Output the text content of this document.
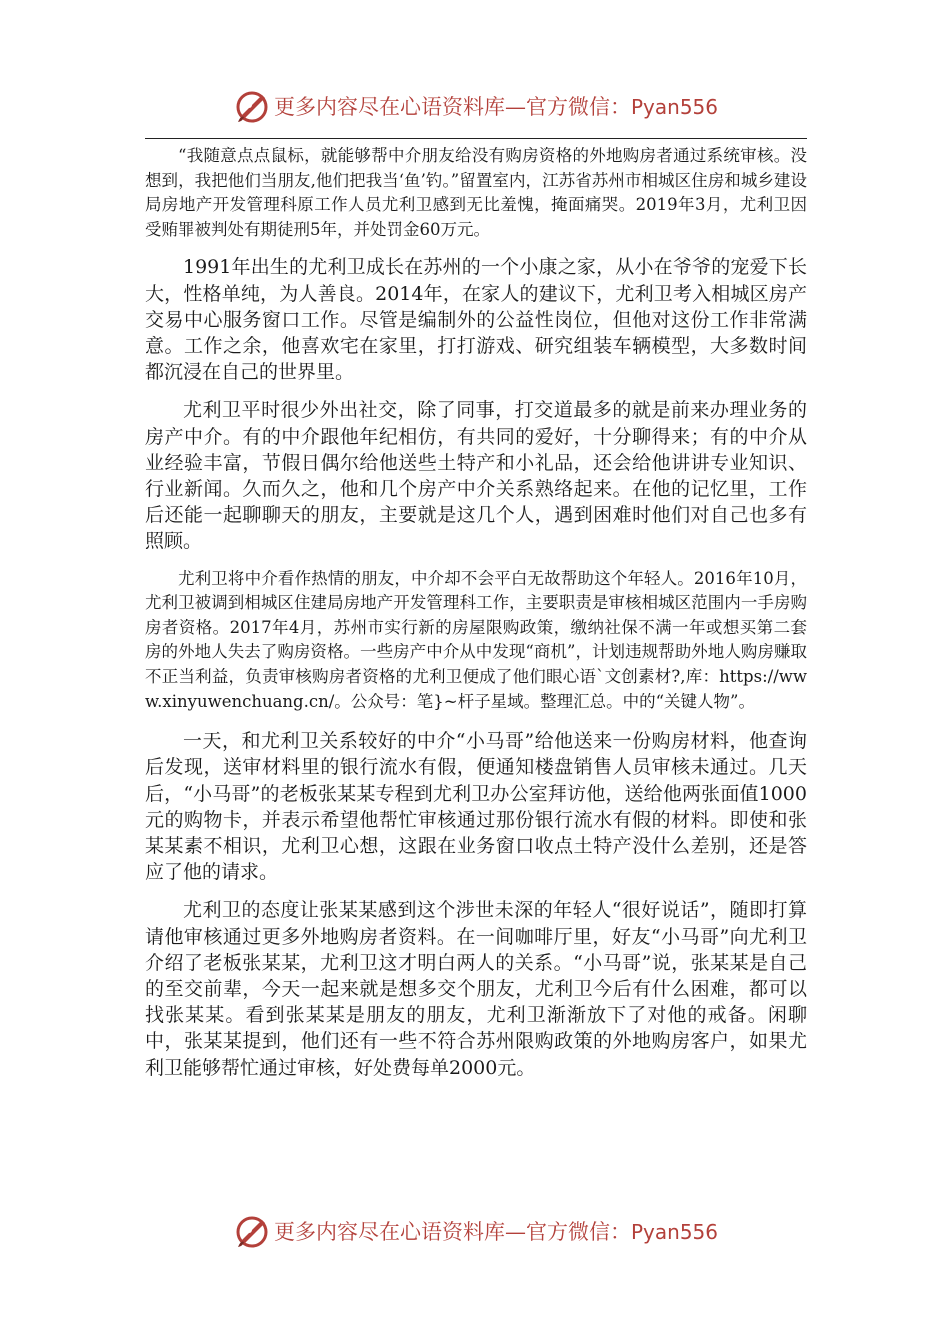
更多内容尽在心语资料库—官方微信：Pyan556

“我随意点点鼠标，就能够帮中介朋友给没有购房资格的外地购房者通过系统审核。没想到，我把他们当朋友,他们把我当‘鱼’钓。”留置室内，江苏省苏州市相城区住房和城乡建设局房地产开发管理科原工作人员尤利卫感到无比羞愧，掩面痛哭。2019年3月，尤利卫因受贿罪被判处有期徒刑5年，并处罚金60万元。

1991年出生的尤利卫成长在苏州的一个小康之家，从小在爷爷的宠爱下长大，性格单纯，为人善良。2014年，在家人的建议下，尤利卫考入相城区房产交易中心服务窗口工作。尽管是编制外的公益性岗位，但他对这份工作非常满意。工作之余，他喜欢宅在家里，打打游戏、研究组装车辆模型，大多数时间都沉浸在自己的世界里。

尤利卫平时很少外出社交，除了同事，打交道最多的就是前来办理业务的房产中介。有的中介跟他年纪相仿，有共同的爱好，十分聊得来；有的中介从业经验丰富，节假日偶尔给他送些土特产和小礼品，还会给他讲讲专业知识、行业新闻。久而久之，他和几个房产中介关系熟络起来。在他的记忆里，工作后还能一起聊聊天的朋友，主要就是这几个人，遇到困难时他们对自己也多有照顾。

尤利卫将中介看作热情的朋友，中介却不会平白无故帮助这个年轻人。2016年10月，尤利卫被调到相城区住建局房地产开发管理科工作，主要职责是审核相城区范围内一手房购房者资格。2017年4月，苏州市实行新的房屋限购政策，缴纳社保不满一年或想买第二套房的外地人失去了购房资格。一些房产中介从中发现“商机”，计划违规帮助外地人购房赚取不正当利益，负责审核购房者资格的尤利卫便成了他们眼心语`文创素材?,库：https://www.xinyuwenchuang.cn/。公众号：笔}~杆子星域。整理汇总。中的“关键人物”。

一天，和尤利卫关系较好的中介“小马哥”给他送来一份购房材料，他查询后发现，送审材料里的银行流水有假，便通知楼盘销售人员审核未通过。几天后，“小马哥”的老板张某某专程到尤利卫办公室拜访他，送给他两张面值1000元的购物卡，并表示希望他帮忙审核通过那份银行流水有假的材料。即使和张某某素不相识，尤利卫心想，这跟在业务窗口收点土特产没什么差别，还是答应了他的请求。

尤利卫的态度让张某某感到这个涉世未深的年轻人“很好说话”，随即打算请他审核通过更多外地购房者资料。在一间咖啡厅里，好友“小马哥”向尤利卫介绍了老板张某某，尤利卫这才明白两人的关系。“小马哥”说，张某某是自己的至交前辈，今天一起来就是想多交个朋友，尤利卫今后有什么困难，都可以找张某某。看到张某某是朋友的朋友，尤利卫渐渐放下了对他的戒备。闲聊中，张某某提到，他们还有一些不符合苏州限购政策的外地购房客户，如果尤利卫能够帮忙通过审核，好处费每单2000元。

更多内容尽在心语资料库—官方微信：Pyan556
